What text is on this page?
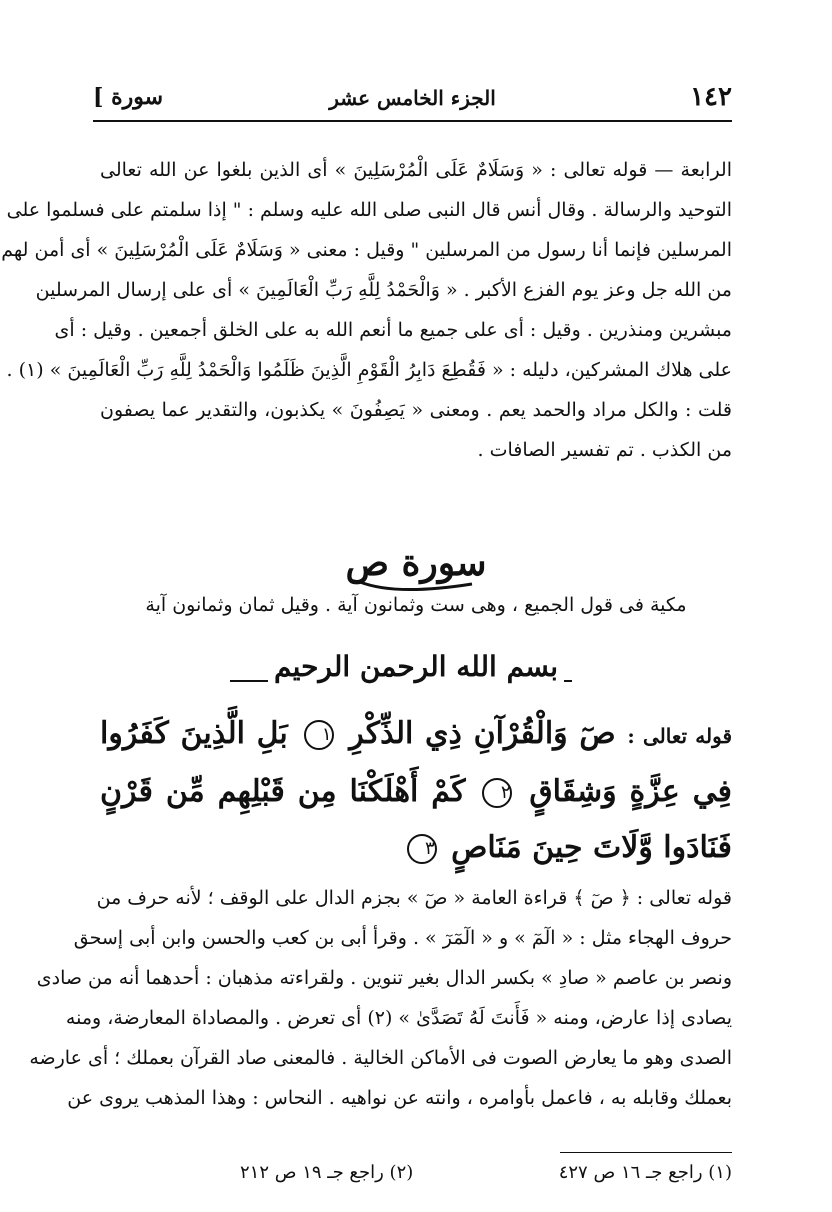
١٤٢
الجزء الخامس عشر
سورة ]
الرابعة — قوله تعالى : « وَسَلَامٌ عَلَى الْمُرْسَلِينَ » أى الذين بلغوا عن الله تعالى
التوحيد والرسالة . وقال أنس قال النبى صلى الله عليه وسلم : " إذا سلمتم على فسلموا على
المرسلين فإنما أنا رسول من المرسلين " وقيل : معنى « وَسَلَامٌ عَلَى الْمُرْسَلِينَ » أى أمن لهم
من الله جل وعز يوم الفزع الأكبر . « وَالْحَمْدُ لِلَّهِ رَبِّ الْعَالَمِينَ » أى على إرسال المرسلين
مبشرين ومنذرين . وقيل : أى على جميع ما أنعم الله به على الخلق أجمعين . وقيل : أى
على هلاك المشركين، دليله : « فَقُطِعَ دَابِرُ الْقَوْمِ الَّذِينَ ظَلَمُوا وَالْحَمْدُ لِلَّهِ رَبِّ الْعَالَمِينَ » (١) .
قلت : والكل مراد والحمد يعم . ومعنى « يَصِفُونَ » يكذبون، والتقدير عما يصفون
من الكذب . تم تفسير الصافات .
سورة ص
مكية فى قول الجميع ، وهى ست وثمانون آية . وقيل ثمان وثمانون آية
بسم الله الرحمن الرحيم
قوله تعالى : صٓ وَالْقُرْآنِ ذِي الذِّكْرِ ١ بَلِ الَّذِينَ كَفَرُوا فِي عِزَّةٍ وَشِقَاقٍ ٢ كَمْ أَهْلَكْنَا مِن قَبْلِهِم مِّن قَرْنٍ فَنَادَوا وَّلَاتَ حِينَ مَنَاصٍ ٣
قوله تعالى : ﴿ صٓ ﴾ قراءة العامة « صٓ » بجزم الدال على الوقف ؛ لأنه حرف من
حروف الهجاء مثل : « الٓمٓ » و « الٓمٓرٓ » . وقرأ أبى بن كعب والحسن وابن أبى إسحق
ونصر بن عاصم « صادِ » بكسر الدال بغير تنوين . ولقراءته مذهبان : أحدهما أنه من صادى
يصادى إذا عارض، ومنه « فَأَنتَ لَهُ تَصَدَّىٰ » (٢) أى تعرض . والمصاداة المعارضة، ومنه
الصدى وهو ما يعارض الصوت فى الأماكن الخالية . فالمعنى صاد القرآن بعملك ؛ أى عارضه
بعملك وقابله به ، فاعمل بأوامره ، وانته عن نواهيه . النحاس : وهذا المذهب يروى عن
(١) راجع جـ ١٦ ص ٤٢٧
(٢) راجع جـ ١٩ ص ٢١٢
